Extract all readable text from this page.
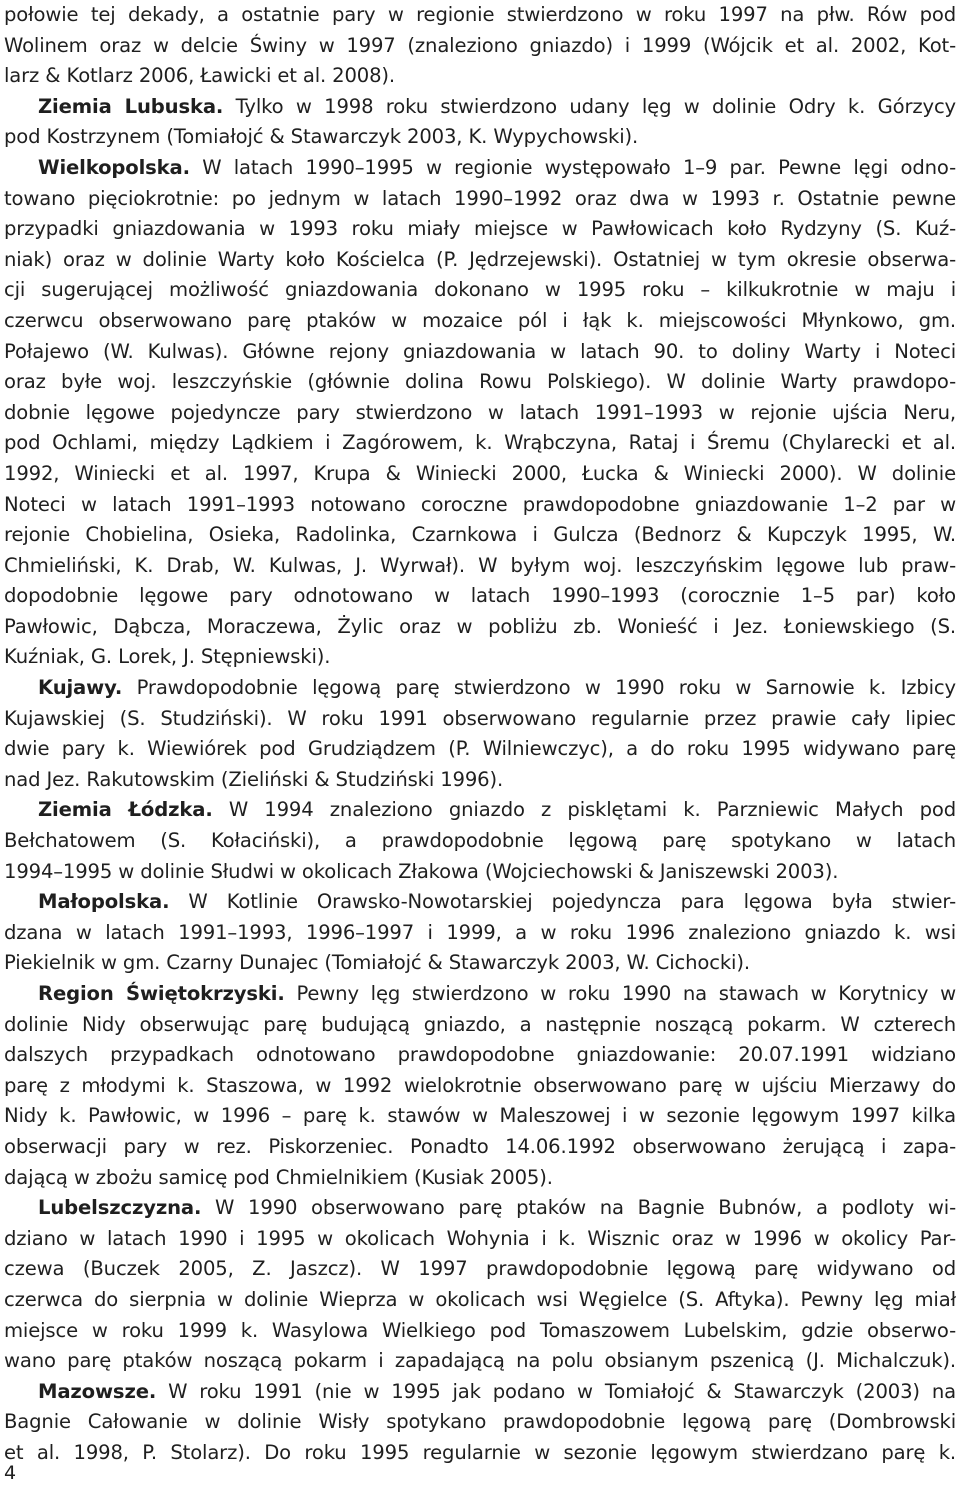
połowie tej dekady, a ostatnie pary w regionie stwierdzono w roku 1997 na płw. Rów pod
Wolinem oraz w delcie Świny w 1997 (znaleziono gniazdo) i 1999 (Wójcik et al. 2002, Kot-
larz & Kotlarz 2006, Ławicki et al. 2008).
Ziemia Lubuska. Tylko w 1998 roku stwierdzono udany lęg w dolinie Odry k. Górzycy
pod Kostrzynem (Tomiałojć & Stawarczyk 2003, K. Wypychowski).
Wielkopolska. W latach 1990–1995 w regionie występowało 1–9 par. Pewne lęgi odno-
towano pięciokrotnie: po jednym w latach 1990–1992 oraz dwa w 1993 r. Ostatnie pewne
przypadki gniazdowania w 1993 roku miały miejsce w Pawłowicach koło Rydzyny (S. Kuź-
niak) oraz w dolinie Warty koło Kościelca (P. Jędrzejewski). Ostatniej w tym okresie obserwa-
cji sugerującej możliwość gniazdowania dokonano w 1995 roku – kilkukrotnie w maju i
czerwcu obserwowano parę ptaków w mozaice pól i łąk k. miejscowości Młynkowo, gm.
Połajewo (W. Kulwas). Główne rejony gniazdowania w latach 90. to doliny Warty i Noteci
oraz byłe woj. leszczyńskie (głównie dolina Rowu Polskiego). W dolinie Warty prawdopo-
dobnie lęgowe pojedyncze pary stwierdzono w latach 1991–1993 w rejonie ujścia Neru,
pod Ochlami, między Lądkiem i Zagórowem, k. Wrąbczyna, Rataj i Śremu (Chylarecki et al.
1992, Winiecki et al. 1997, Krupa & Winiecki 2000, Łucka & Winiecki 2000). W dolinie
Noteci w latach 1991–1993 notowano coroczne prawdopodobne gniazdowanie 1–2 par w
rejonie Chobielina, Osieka, Radolinka, Czarnkowa i Gulcza (Bednorz & Kupczyk 1995, W.
Chmieliński, K. Drab, W. Kulwas, J. Wyrwał). W byłym woj. leszczyńskim lęgowe lub praw-
dopodobnie lęgowe pary odnotowano w latach 1990–1993 (corocznie 1–5 par) koło
Pawłowic, Dąbcza, Moraczewa, Żylic oraz w pobliżu zb. Wonieść i Jez. Łoniewskiego (S.
Kuźniak, G. Lorek, J. Stępniewski).
Kujawy. Prawdopodobnie lęgową parę stwierdzono w 1990 roku w Sarnowie k. Izbicy
Kujawskiej (S. Studziński). W roku 1991 obserwowano regularnie przez prawie cały lipiec
dwie pary k. Wiewiórek pod Grudziądzem (P. Wilniewczyc), a do roku 1995 widywano parę
nad Jez. Rakutowskim (Zieliński & Studziński 1996).
Ziemia Łódzka. W 1994 znaleziono gniazdo z pisklętami k. Parzniewic Małych pod
Bełchatowem (S. Kołaciński), a prawdopodobnie lęgową parę spotykano w latach
1994–1995 w dolinie Słudwi w okolicach Złakowa (Wojciechowski & Janiszewski 2003).
Małopolska. W Kotlinie Orawsko-Nowotarskiej pojedyncza para lęgowa była stwier-
dzana w latach 1991–1993, 1996–1997 i 1999, a w roku 1996 znaleziono gniazdo k. wsi
Piekielnik w gm. Czarny Dunajec (Tomiałojć & Stawarczyk 2003, W. Cichocki).
Region Świętokrzyski. Pewny lęg stwierdzono w roku 1990 na stawach w Korytnicy w
dolinie Nidy obserwując parę budującą gniazdo, a następnie noszącą pokarm. W czterech
dalszych przypadkach odnotowano prawdopodobne gniazdowanie: 20.07.1991 widziano
parę z młodymi k. Staszowa, w 1992 wielokrotnie obserwowano parę w ujściu Mierzawy do
Nidy k. Pawłowic, w 1996 – parę k. stawów w Maleszowej i w sezonie lęgowym 1997 kilka
obserwacji pary w rez. Piskorzeniec. Ponadto 14.06.1992 obserwowano żerującą i zapa-
dającą w zbożu samicę pod Chmielnikiem (Kusiak 2005).
Lubelszczyzna. W 1990 obserwowano parę ptaków na Bagnie Bubnów, a podloty wi-
dziano w latach 1990 i 1995 w okolicach Wohynia i k. Wisznic oraz w 1996 w okolicy Par-
czewa (Buczek 2005, Z. Jaszcz). W 1997 prawdopodobnie lęgową parę widywano od
czerwca do sierpnia w dolinie Wieprza w okolicach wsi Węgielce (S. Aftyka). Pewny lęg miał
miejsce w roku 1999 k. Wasylowa Wielkiego pod Tomaszowem Lubelskim, gdzie obserwo-
wano parę ptaków noszącą pokarm i zapadającą na polu obsianym pszenicą (J. Michalczuk).
Mazowsze. W roku 1991 (nie w 1995 jak podano w Tomiałojć & Stawarczyk (2003) na
Bagnie Całowanie w dolinie Wisły spotykano prawdopodobnie lęgową parę (Dombrowski
et al. 1998, P. Stolarz). Do roku 1995 regularnie w sezonie lęgowym stwierdzano parę k.
4
